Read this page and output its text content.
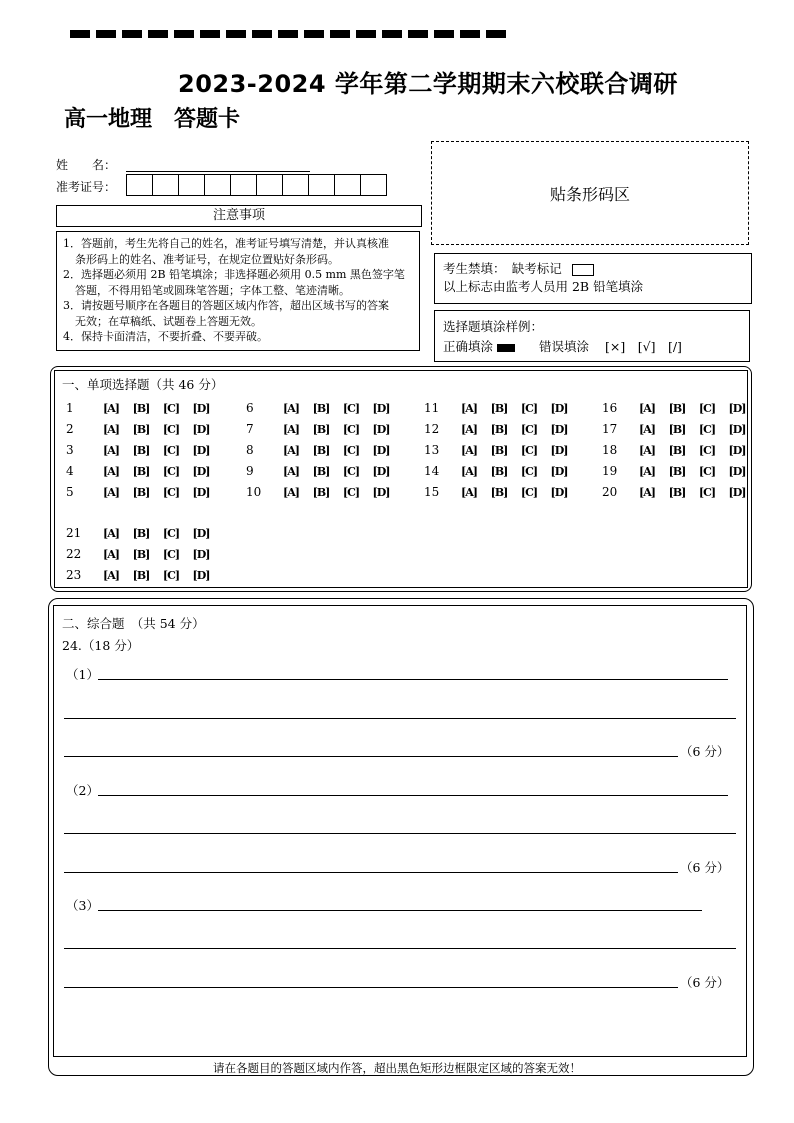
2023-2024 学年第二学期期末六校联合调研
高一地理　答题卡
姓　　名：
准考证号：	贴条形码区
注意事项

1．答题前，考生先将自己的姓名，准考证号填写清楚，并认真核准

条形码上的姓名、准考证号，在规定位置贴好条形码。

2．选择题必须用 2B 铅笔填涂；非选择题必须用 0.5 mm 黑色签字笔

答题，不得用铅笔或圆珠笔答题；字体工整、笔迹清晰。

3．请按题号顺序在各题目的答题区域内作答，超出区域书写的答案

无效；在草稿纸、试题卷上答题无效。

4．保持卡面清洁，不要折叠、不要弄破。

考生禁填：　缺考标记
以上标志由监考人员用 2B 铅笔填涂
选择题填涂样例：
正确填涂	错误填涂 [×]　[√]　[/]
一、单项选择题（共 46 分）
1	[A] [B] [C] [D]
2	[A] [B] [C] [D]
3	[A] [B] [C] [D]
4	[A] [B] [C] [D]
5	[A] [B] [C] [D]
6	[A] [B] [C] [D]
7	[A] [B] [C] [D]
8	[A] [B] [C] [D]
9	[A] [B] [C] [D]
10	[A] [B] [C] [D]
11	[A] [B] [C] [D]
12	[A] [B] [C] [D]
13	[A] [B] [C] [D]
14	[A] [B] [C] [D]
15	[A] [B] [C] [D]
16	[A] [B] [C] [D]
17	[A] [B] [C] [D]
18	[A] [B] [C] [D]
19	[A] [B] [C] [D]
20	[A] [B] [C] [D]
21	[A] [B] [C] [D]
22	[A] [B] [C] [D]
23	[A] [B] [C] [D]
二、综合题　（共 54 分）
24.（18 分）
（1）
（6 分）
（2）
（6 分）
（3）
（6 分）
请在各题目的答题区域内作答，超出黑色矩形边框限定区域的答案无效！
